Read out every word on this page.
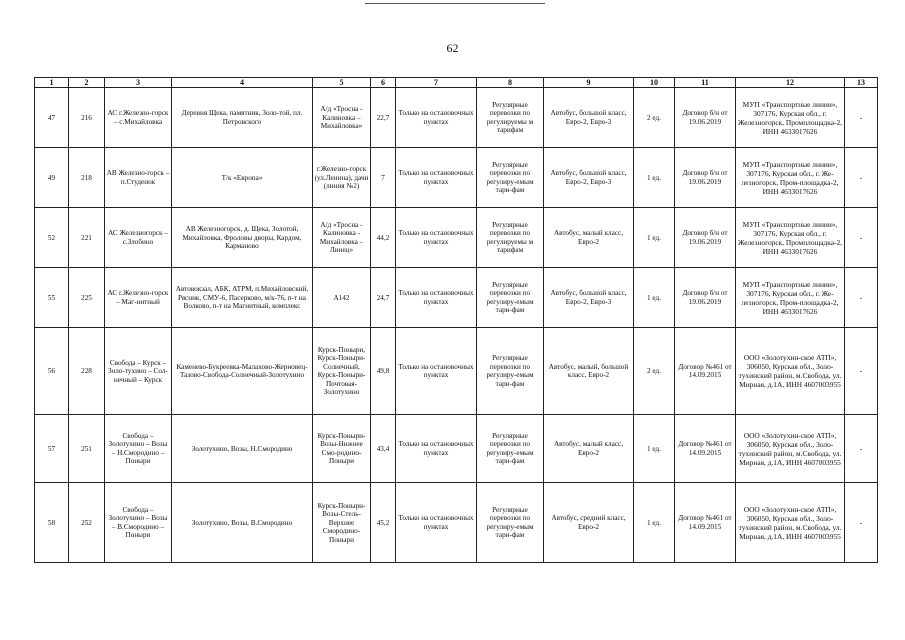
62
1	2	3	4	5	6	7	8	9	10	11	12	13
47	216	АС г.Железно-горск – с.Михайловка	Деревня Щека, памятник, Золо-той, пл. Петровского	А/д «Тросна - Калиновка – Михайловка»	22,7	Только на остановочных пунктах	Регулярные перевозки по регулируемы м тарифам	Автобус, большой класс, Евро-2, Евро-3	2 ед.	Договор б/н от 19.06.2019	МУП «Транспортные линии», 307176, Курская обл., г. Железногорск, Промплощадка-2, ИНН 4633017626	-
49	218	АВ Железно-горск – п.Студенок	Т/к «Европа»	г.Железно-горск (ул.Ленина), дачи (линия №2)	7	Только на остановочных пунктах	Регулярные перевозки по регулиру-емым тари-фам	Автобус, большой класс, Евро-2, Евро-3	1 ед.	Договор б/н от 19.06.2019	МУП «Транспортные линии», 307176, Курская обл., г. Же-лезногорск, Пром-площадка-2, ИНН 4633017626	-
52	221	АС Железногорск – с.Злобино	АВ Железногорск, д. Щека, Золотой, Михайловка, Фроловы дворы, Кардом, Карманово	А/д «Тросна - Калиновка - Михайловка – Линец»	44,2	Только на остановочных пунктах	Регулярные перевозки по регулируемы м тарифам	Автобус, малый класс, Евро-2	1 ед.	Договор б/н от 19.06.2019	МУП «Транспортные линии», 307176, Курская обл., г. Железногорск, Промплощадка-2, ИНН 4633017626	-
55	225	АС г.Железно-горск – Маг-нитный	Автовокзал, АБК, АТРМ, п.Михайловский, Рясник, СМУ-6, Пасерково, м/к-76, п-т на Волково, п-т на Магнитный, комплекс	А142	24,7	Только на остановочных пунктах	Регулярные перевозки по регулиру-емым тари-фам	Автобус, большой класс, Евро-2, Евро-3	1 ед.	Договор б/н от 19.06.2019	МУП «Транспортные линии», 307176, Курская обл., г. Же-лезногорск, Пром-площадка-2, ИНН 4633017626	-
56	228	Свобода – Курск – Золо-тухино – Сол-нечный – Курск	Каменево-Букреевка-Малахово-Жерновец-Тазово-Свобода-Солнечный-Золотухино	Курск-Поныри, Курск-Поныри-Солнечный, Курск-Поныри-Почтовая-Золотухино	49,8	Только на остановочных пунктах	Регулярные перевозки по регулиру-емым тари-фам	Автобус, малый, большой класс, Евро-2	2 ед.	Договор №461 от 14.09.2015	ООО «Золотухин-ское АТП», 306050, Курская обл., Золо-тухинский район, м.Свобода, ул. Мирная, д.1А, ИНН 4607003955	-
57	251	Свобода – Золотухино – Возы – Н.Смородино – Поныри	Золотухино, Возы, Н.Смородино	Курск-Поныри-Возы-Нижнее Смо-родино-Поныри	43,4	Только на остановочных пунктах	Регулярные перевозки по регулиру-емым тари-фам	Автобус, малый класс, Евро-2	1 ед.	Договор №461 от 14.09.2015	ООО «Золотухин-ское АТП», 306050, Курская обл., Золо-тухинский район, м.Свобода, ул. Мирная, д.1А, ИНН 4607003955	-
58	252	Свобода – Золотухино – Возы – В.Смородино – Поныри	Золотухино, Возы, В.Смородино	Курск-Поныри-Возы-Стель-Верхнее Смородино-Поныри	45,2	Только на остановочных пунктах	Регулярные перевозки по регулиру-емым тари-фам	Автобус, средний класс, Евро-2	1 ед.	Договор №461 от 14.09.2015	ООО «Золотухин-ское АТП», 306050, Курская обл., Золо-тухинский район, м.Свобода, ул. Мирная, д.1А, ИНН 4607003955	-
